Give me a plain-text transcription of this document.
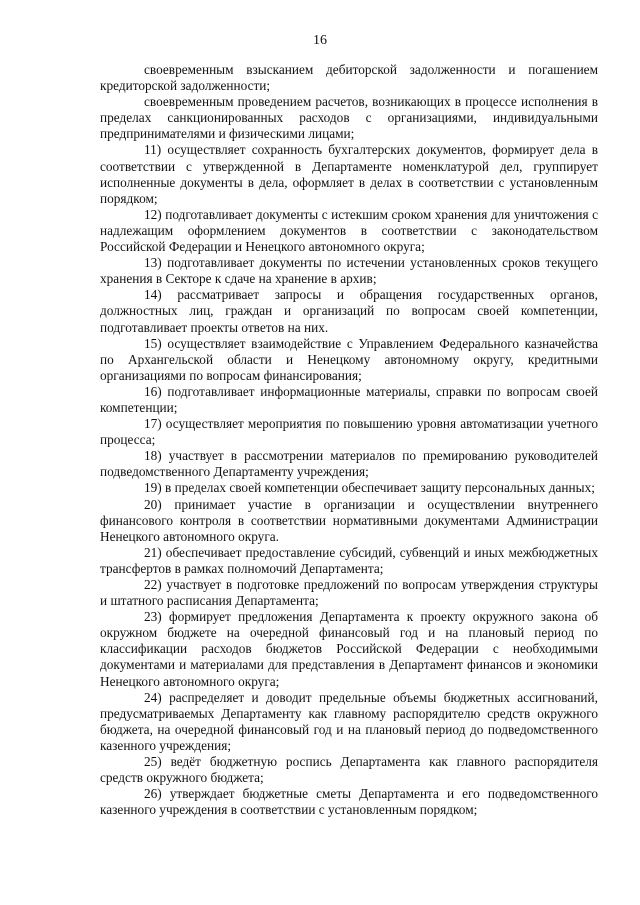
16

своевременным взысканием дебиторской задолженности и погашением кредиторской задолженности;

своевременным проведением расчетов, возникающих в процессе исполнения в пределах санкционированных расходов с организациями, индивидуальными предпринимателями и физическими лицами;

11) осуществляет сохранность бухгалтерских документов, формирует дела в соответствии с утвержденной в Департаменте номенклатурой дел, группирует исполненные документы в дела, оформляет в делах в соответствии с установленным порядком;

12) подготавливает документы с истекшим сроком хранения для уничтожения с надлежащим оформлением документов в соответствии с законодательством Российской Федерации и Ненецкого автономного округа;

13) подготавливает документы по истечении установленных сроков текущего хранения в Секторе к сдаче на хранение в архив;

14) рассматривает запросы и обращения государственных органов, должностных лиц, граждан и организаций по вопросам своей компетенции, подготавливает проекты ответов на них.

15) осуществляет взаимодействие с Управлением Федерального казначейства по Архангельской области и Ненецкому автономному округу, кредитными организациями по вопросам финансирования;

16) подготавливает информационные материалы, справки по вопросам своей компетенции;

17) осуществляет мероприятия по повышению уровня автоматизации учетного процесса;

18) участвует в рассмотрении материалов по премированию руководителей подведомственного Департаменту учреждения;

19) в пределах своей компетенции обеспечивает защиту персональных данных;

20) принимает участие в организации и осуществлении внутреннего финансового контроля в соответствии нормативными документами Администрации Ненецкого автономного округа.

21) обеспечивает предоставление субсидий, субвенций и иных межбюджетных трансфертов в рамках полномочий Департамента;

22) участвует в подготовке предложений по вопросам утверждения структуры и штатного расписания Департамента;

23) формирует предложения Департамента к проекту окружного закона об окружном бюджете на очередной финансовый год и на плановый период по классификации расходов бюджетов Российской Федерации с необходимыми документами и материалами для представления в Департамент финансов и экономики Ненецкого автономного округа;

24) распределяет и доводит предельные объемы бюджетных ассигнований, предусматриваемых Департаменту как главному распорядителю средств окружного бюджета, на очередной финансовый год и на плановый период до подведомственного казенного учреждения;

25) ведёт бюджетную роспись Департамента как главного распорядителя средств окружного бюджета;

26) утверждает бюджетные сметы Департамента и его подведомственного казенного учреждения в соответствии с установленным порядком;
